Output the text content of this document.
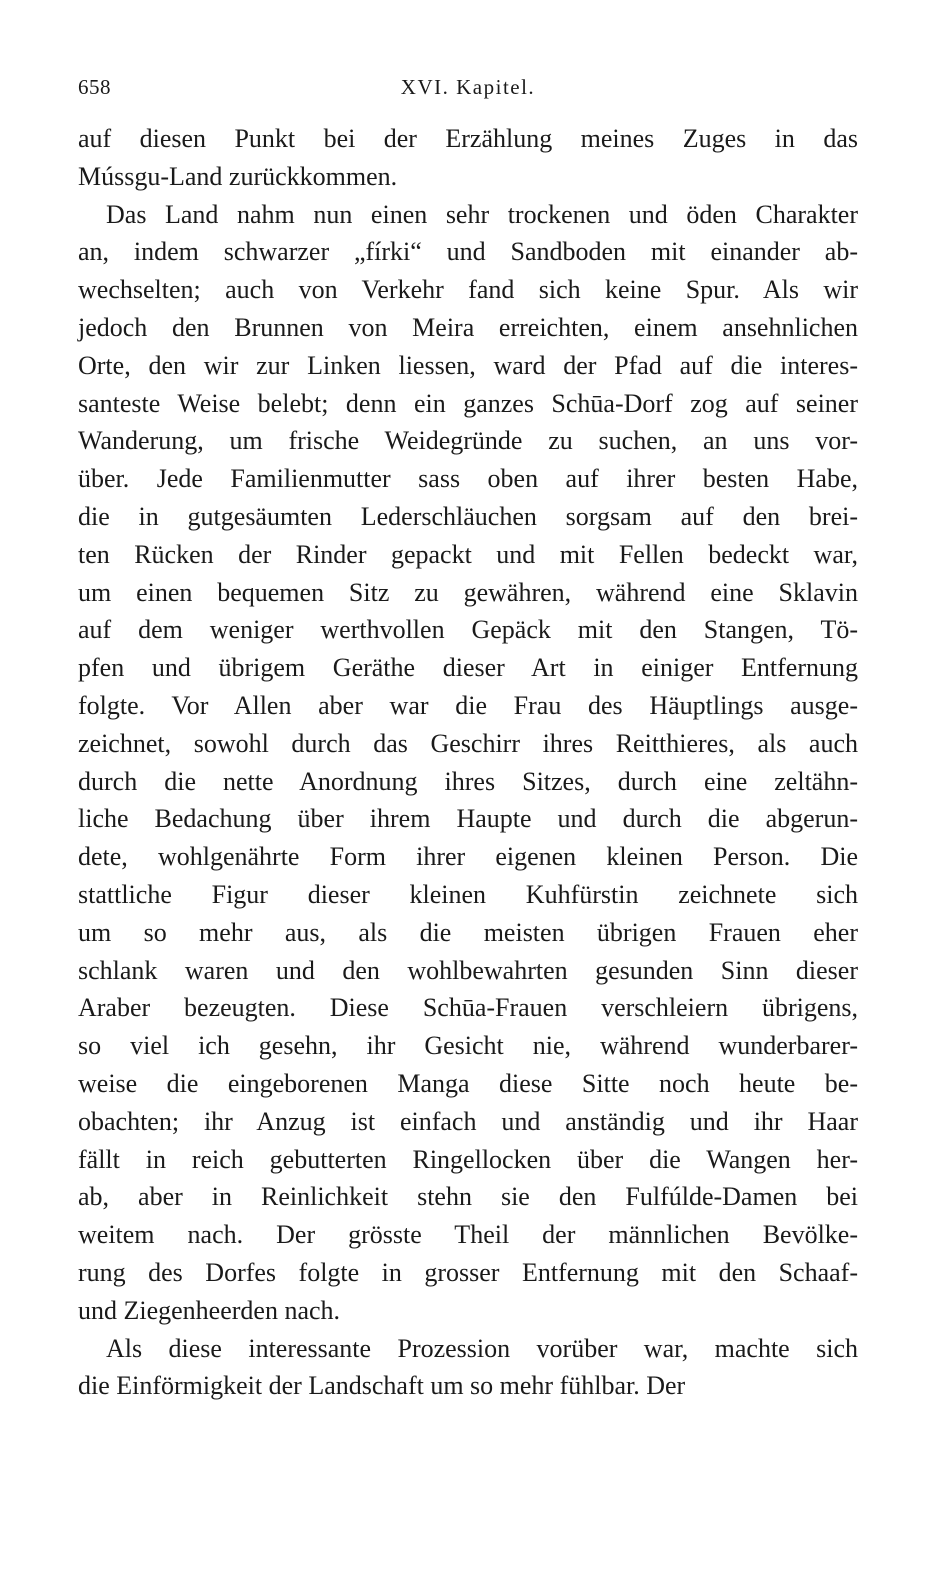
658	XVI. Kapitel.
auf diesen Punkt bei der Erzählung meines Zuges in das
Mússgu-Land zurückkommen.
Das Land nahm nun einen sehr trockenen und öden Charakter
an, indem schwarzer „fírki“ und Sandboden mit einander ab-
wechselten; auch von Verkehr fand sich keine Spur. Als wir
jedoch den Brunnen von Meira erreichten, einem ansehnlichen
Orte, den wir zur Linken liessen, ward der Pfad auf die interes-
santeste Weise belebt; denn ein ganzes Schūa-Dorf zog auf seiner
Wanderung, um frische Weidegründe zu suchen, an uns vor-
über. Jede Familienmutter sass oben auf ihrer besten Habe,
die in gutgesäumten Lederschläuchen sorgsam auf den brei-
ten Rücken der Rinder gepackt und mit Fellen bedeckt war,
um einen bequemen Sitz zu gewähren, während eine Sklavin
auf dem weniger werthvollen Gepäck mit den Stangen, Tö-
pfen und übrigem Geräthe dieser Art in einiger Entfernung
folgte. Vor Allen aber war die Frau des Häuptlings ausge-
zeichnet, sowohl durch das Geschirr ihres Reitthieres, als auch
durch die nette Anordnung ihres Sitzes, durch eine zeltähn-
liche Bedachung über ihrem Haupte und durch die abgerun-
dete, wohlgenährte Form ihrer eigenen kleinen Person. Die
stattliche Figur dieser kleinen Kuhfürstin zeichnete sich
um so mehr aus, als die meisten übrigen Frauen eher
schlank waren und den wohlbewahrten gesunden Sinn dieser
Araber bezeugten. Diese Schūa-Frauen verschleiern übrigens,
so viel ich gesehn, ihr Gesicht nie, während wunderbarer-
weise die eingeborenen Manga diese Sitte noch heute be-
obachten; ihr Anzug ist einfach und anständig und ihr Haar
fällt in reich gebutterten Ringellocken über die Wangen her-
ab, aber in Reinlichkeit stehn sie den Fulfúlde-Damen bei
weitem nach. Der grösste Theil der männlichen Bevölke-
rung des Dorfes folgte in grosser Entfernung mit den Schaaf-
und Ziegenheerden nach.
Als diese interessante Prozession vorüber war, machte sich
die Einförmigkeit der Landschaft um so mehr fühlbar. Der
